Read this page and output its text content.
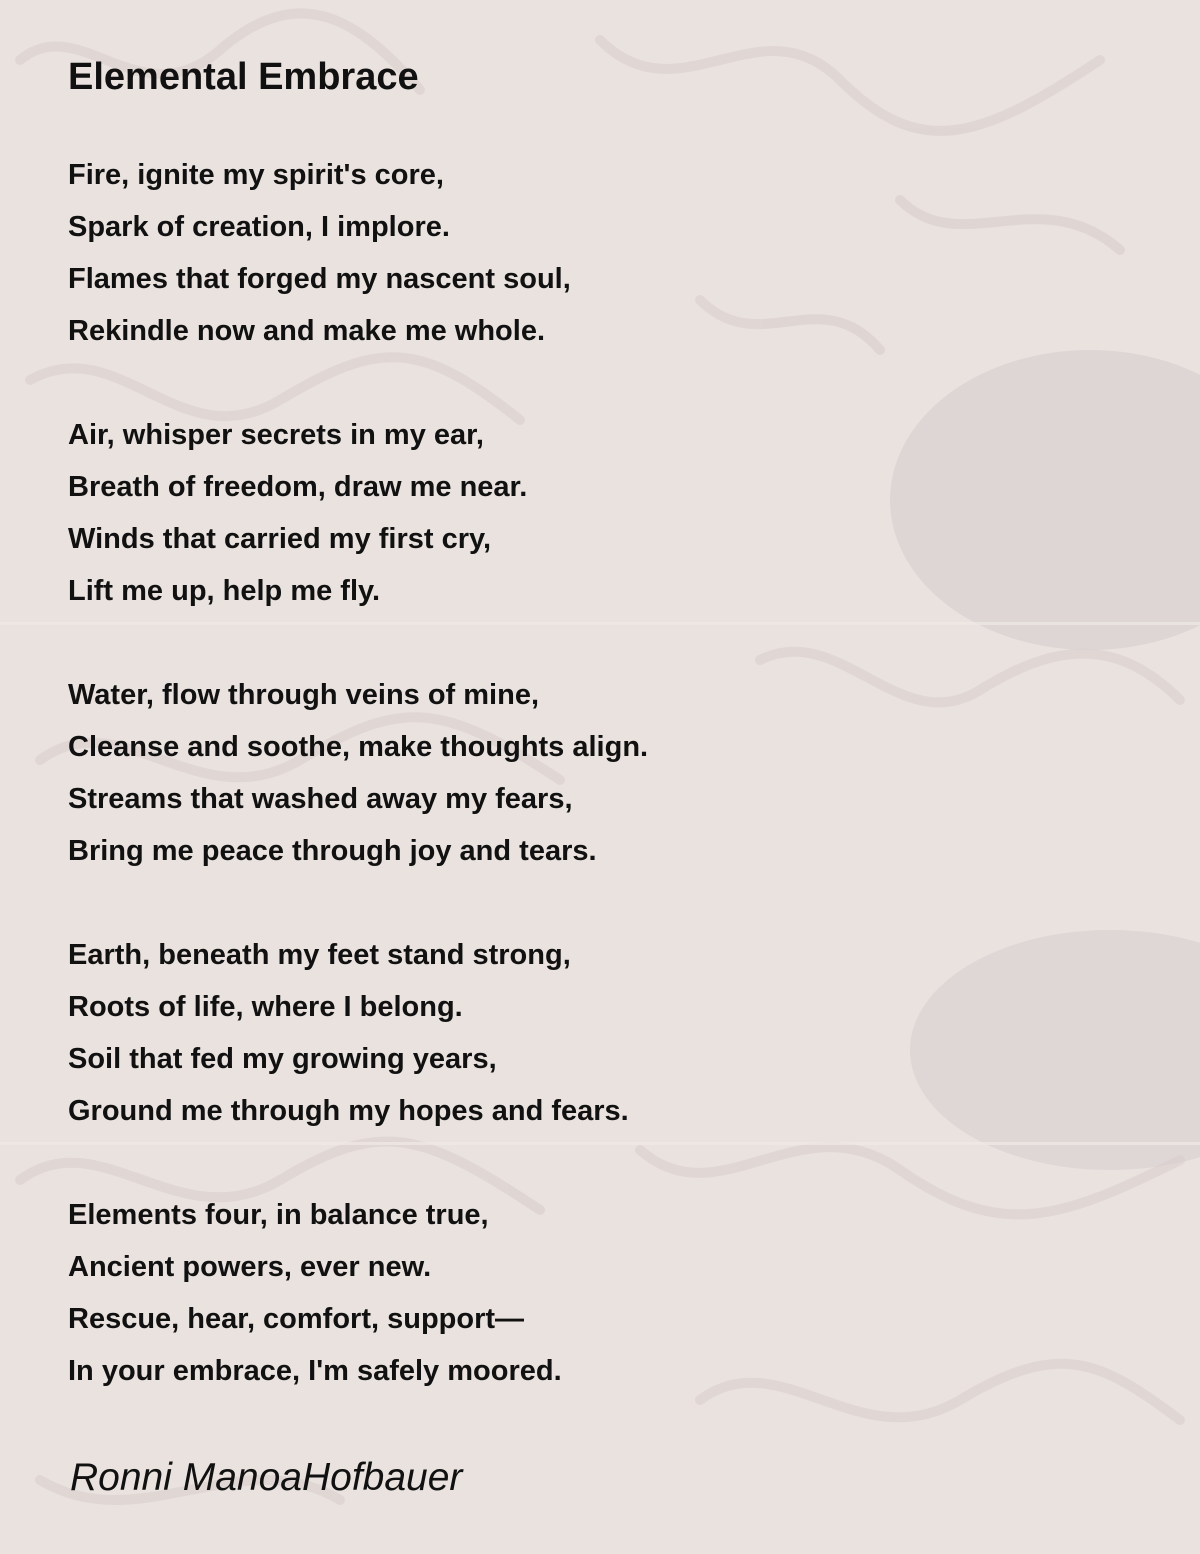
Elemental Embrace
Fire, ignite my spirit's core,
Spark of creation, I implore.
Flames that forged my nascent soul,
Rekindle now and make me whole.
Air, whisper secrets in my ear,
Breath of freedom, draw me near.
Winds that carried my first cry,
Lift me up, help me fly.
Water, flow through veins of mine,
Cleanse and soothe, make thoughts align.
Streams that washed away my fears,
Bring me peace through joy and tears.
Earth, beneath my feet stand strong,
Roots of life, where I belong.
Soil that fed my growing years,
Ground me through my hopes and fears.
Elements four, in balance true,
Ancient powers, ever new.
Rescue, hear, comfort, support—
In your embrace, I'm safely moored.
Ronni ManoaHofbauer
